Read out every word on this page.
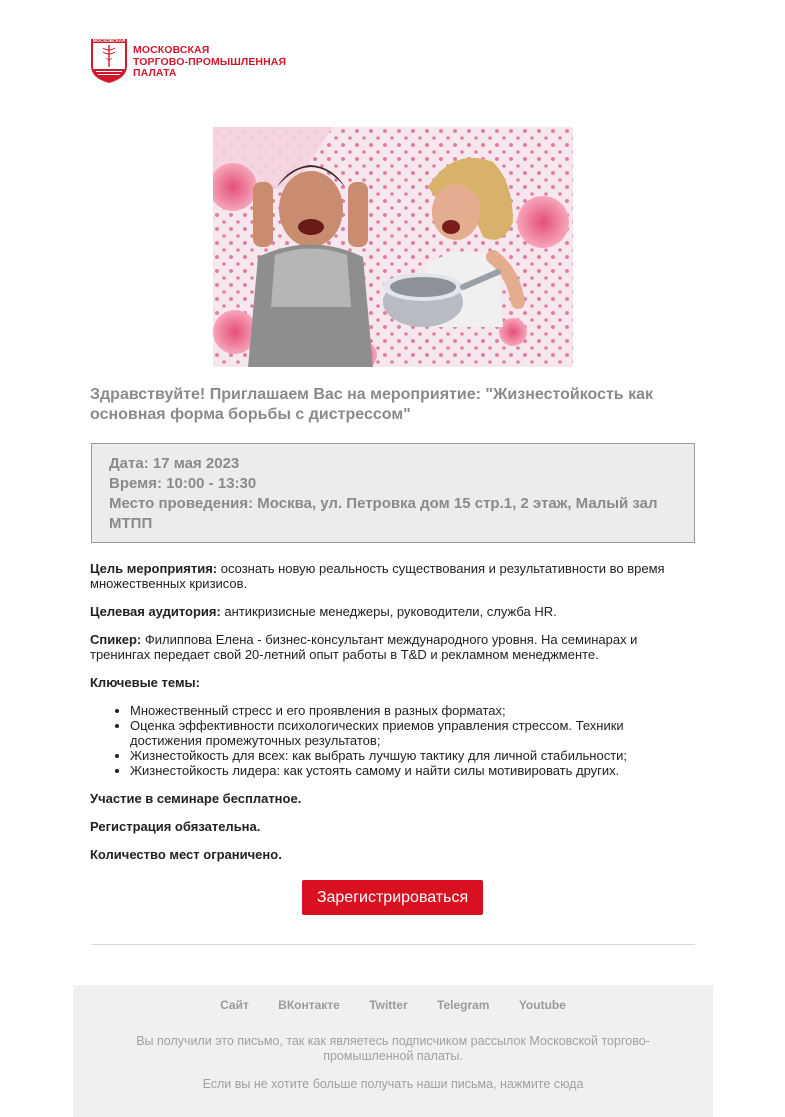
МОСКОВСКАЯ
МОСКОВСКАЯ
ТОРГОВО-ПРОМЫШЛЕННАЯ
ПАЛАТА
Здравствуйте! Приглашаем Вас на мероприятие: "Жизнестойкость как основная форма борьбы с дистрессом"

Дата: 17 мая 2023

Время: 10:00 - 13:30

Место проведения: Москва, ул. Петровка дом 15 стр.1, 2 этаж, Малый зал МТПП

Цель мероприятия: осознать новую реальность существования и результативности во время множественных кризисов.

Целевая аудитория: антикризисные менеджеры, руководители, служба HR.

Спикер: Филиппова Елена - бизнес-консультант международного уровня. На семинарах и тренингах передает свой 20-летний опыт работы в T&D и рекламном менеджменте.

Ключевые темы:

• Множественный стресс и его проявления в разных форматах;
• Оценка эффективности психологических приемов управления стрессом. Техники достижения промежуточных результатов;
• Жизнестойкость для всех: как выбрать лучшую тактику для личной стабильности;
• Жизнестойкость лидера: как устоять самому и найти силы мотивировать других.

Участие в семинаре бесплатное.

Регистрация обязательна.

Количество мест ограничено.

Зарегистрироваться
Сайт ВКонтакте Twitter Telegram Youtube
Вы получили это письмо, так как являетесь подписчиком рассылок Московской торгово-промышленной палаты.
Если вы не хотите больше получать наши письма, нажмите сюда
